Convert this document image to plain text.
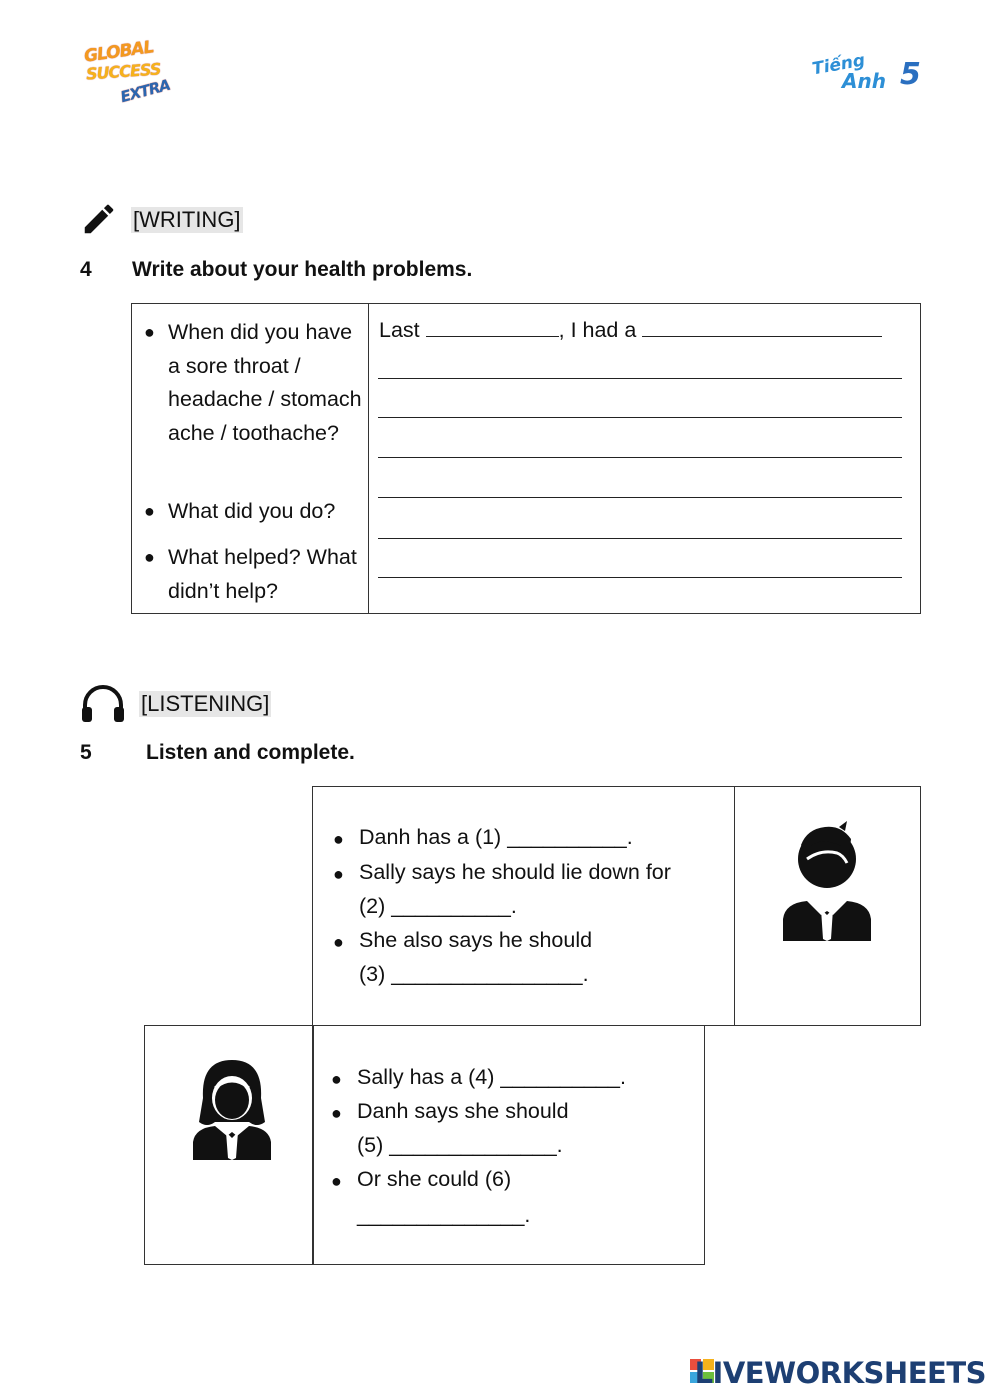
GLOBAL
SUCCESS
EXTRA
Tiếng
Anh 5
[WRITING]
4 Write about your health problems.
● When did you have a sore throat / headache / stomach ache / toothache?
● What did you do?
● What helped? What didn’t help?
Last	, I had a
[LISTENING]
5	Listen and complete.
● Danh has a (1) __________.
● Sally says he should lie down for
(2) __________.
● She also says he should
(3) ________________.
● Sally has a (4) __________.
● Danh says she should
(5) ______________.
● Or she could (6)
______________.
LIVEWORKSHEETS
